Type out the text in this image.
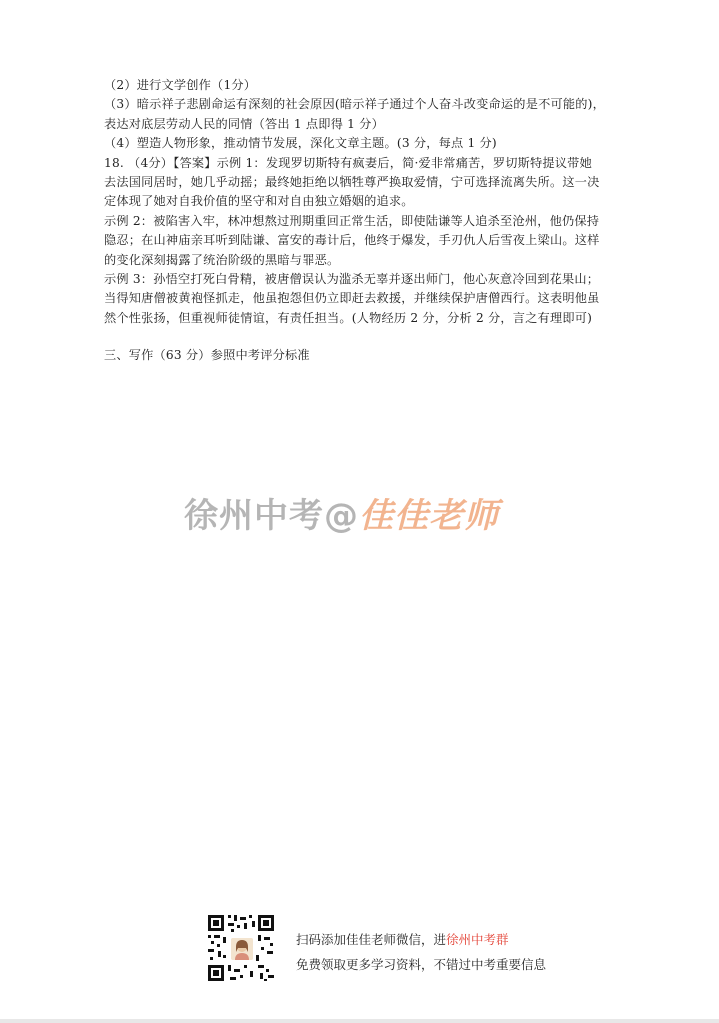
（2）进行文学创作（1分）
（3）暗示祥子悲剧命运有深刻的社会原因(暗示祥子通过个人奋斗改变命运的是不可能的)，
表达对底层劳动人民的同情（答出 1 点即得 1 分）
（4）塑造人物形象，推动情节发展，深化文章主题。(3 分，每点 1 分)
18. （4分）【答案】示例 1：发现罗切斯特有疯妻后，简·爱非常痛苦，罗切斯特提议带她
去法国同居时，她几乎动摇；最终她拒绝以牺牲尊严换取爱情，宁可选择流离失所。这一决
定体现了她对自我价值的坚守和对自由独立婚姻的追求。
示例 2：被陷害入牢，林冲想熬过刑期重回正常生活，即使陆谦等人追杀至沧州，他仍保持
隐忍；在山神庙亲耳听到陆谦、富安的毒计后，他终于爆发，手刃仇人后雪夜上梁山。这样
的变化深刻揭露了统治阶级的黑暗与罪恶。
示例 3：孙悟空打死白骨精，被唐僧误认为滥杀无辜并逐出师门，他心灰意冷回到花果山；
当得知唐僧被黄袍怪抓走，他虽抱怨但仍立即赶去救援，并继续保护唐僧西行。这表明他虽
然个性张扬，但重视师徒情谊，有责任担当。(人物经历 2 分，分析 2 分，言之有理即可)
三、写作（63 分）参照中考评分标准
徐州中考@佳佳老师
扫码添加佳佳老师微信，进徐州中考群
免费领取更多学习资料，不错过中考重要信息
